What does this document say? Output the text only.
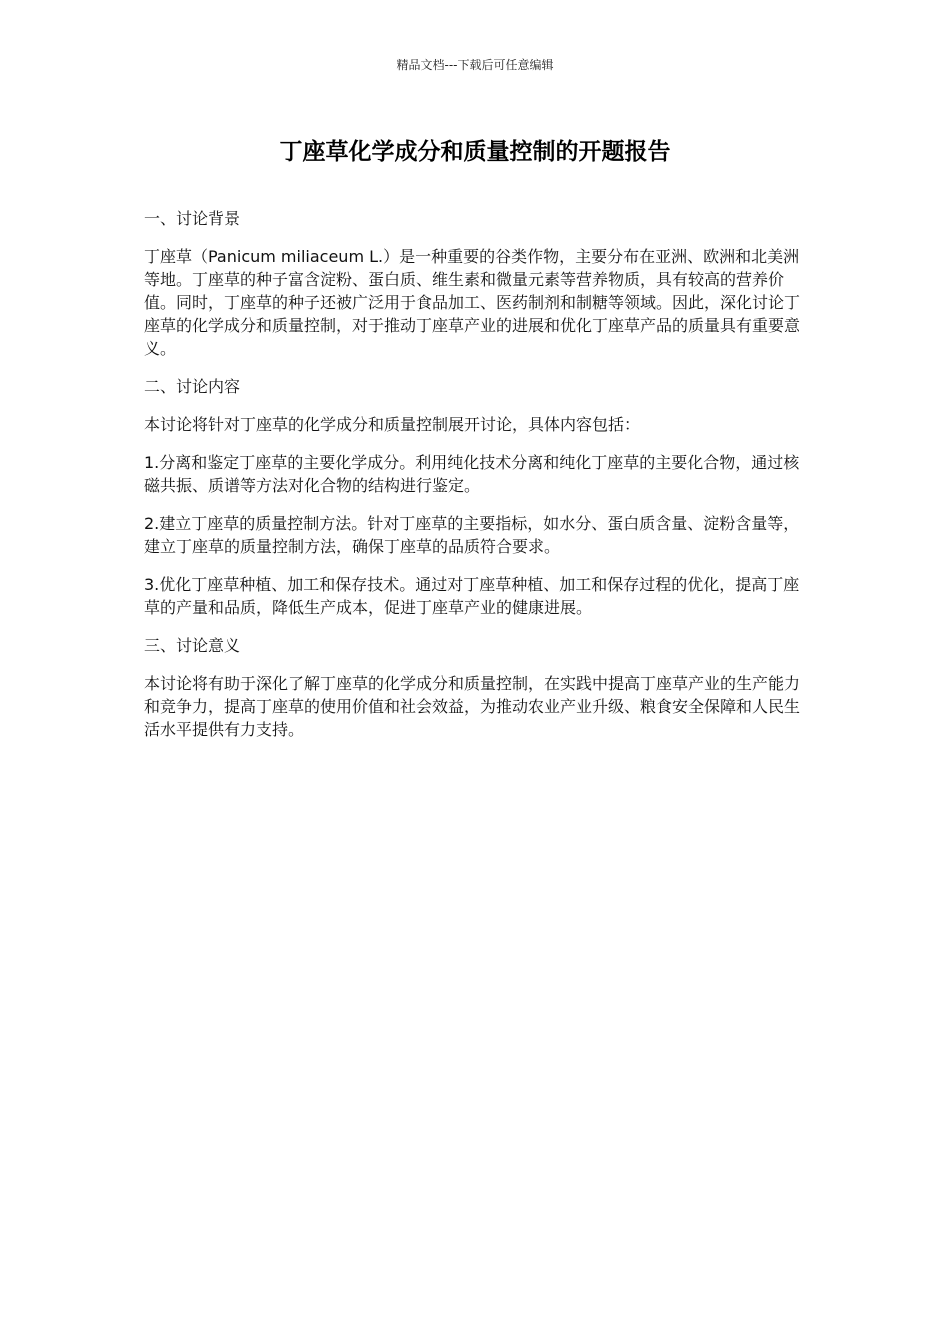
精品文档---下载后可任意编辑
丁座草化学成分和质量控制的开题报告
一、讨论背景

丁座草（Panicum miliaceum L.）是一种重要的谷类作物，主要分布在亚洲、欧洲和北美洲等地。丁座草的种子富含淀粉、蛋白质、维生素和微量元素等营养物质，具有较高的营养价值。同时，丁座草的种子还被广泛用于食品加工、医药制剂和制糖等领域。因此，深化讨论丁座草的化学成分和质量控制，对于推动丁座草产业的进展和优化丁座草产品的质量具有重要意义。

二、讨论内容

本讨论将针对丁座草的化学成分和质量控制展开讨论，具体内容包括：

1.分离和鉴定丁座草的主要化学成分。利用纯化技术分离和纯化丁座草的主要化合物，通过核磁共振、质谱等方法对化合物的结构进行鉴定。

2.建立丁座草的质量控制方法。针对丁座草的主要指标，如水分、蛋白质含量、淀粉含量等，建立丁座草的质量控制方法，确保丁座草的品质符合要求。

3.优化丁座草种植、加工和保存技术。通过对丁座草种植、加工和保存过程的优化，提高丁座草的产量和品质，降低生产成本，促进丁座草产业的健康进展。

三、讨论意义

本讨论将有助于深化了解丁座草的化学成分和质量控制，在实践中提高丁座草产业的生产能力和竞争力，提高丁座草的使用价值和社会效益，为推动农业产业升级、粮食安全保障和人民生活水平提供有力支持。
